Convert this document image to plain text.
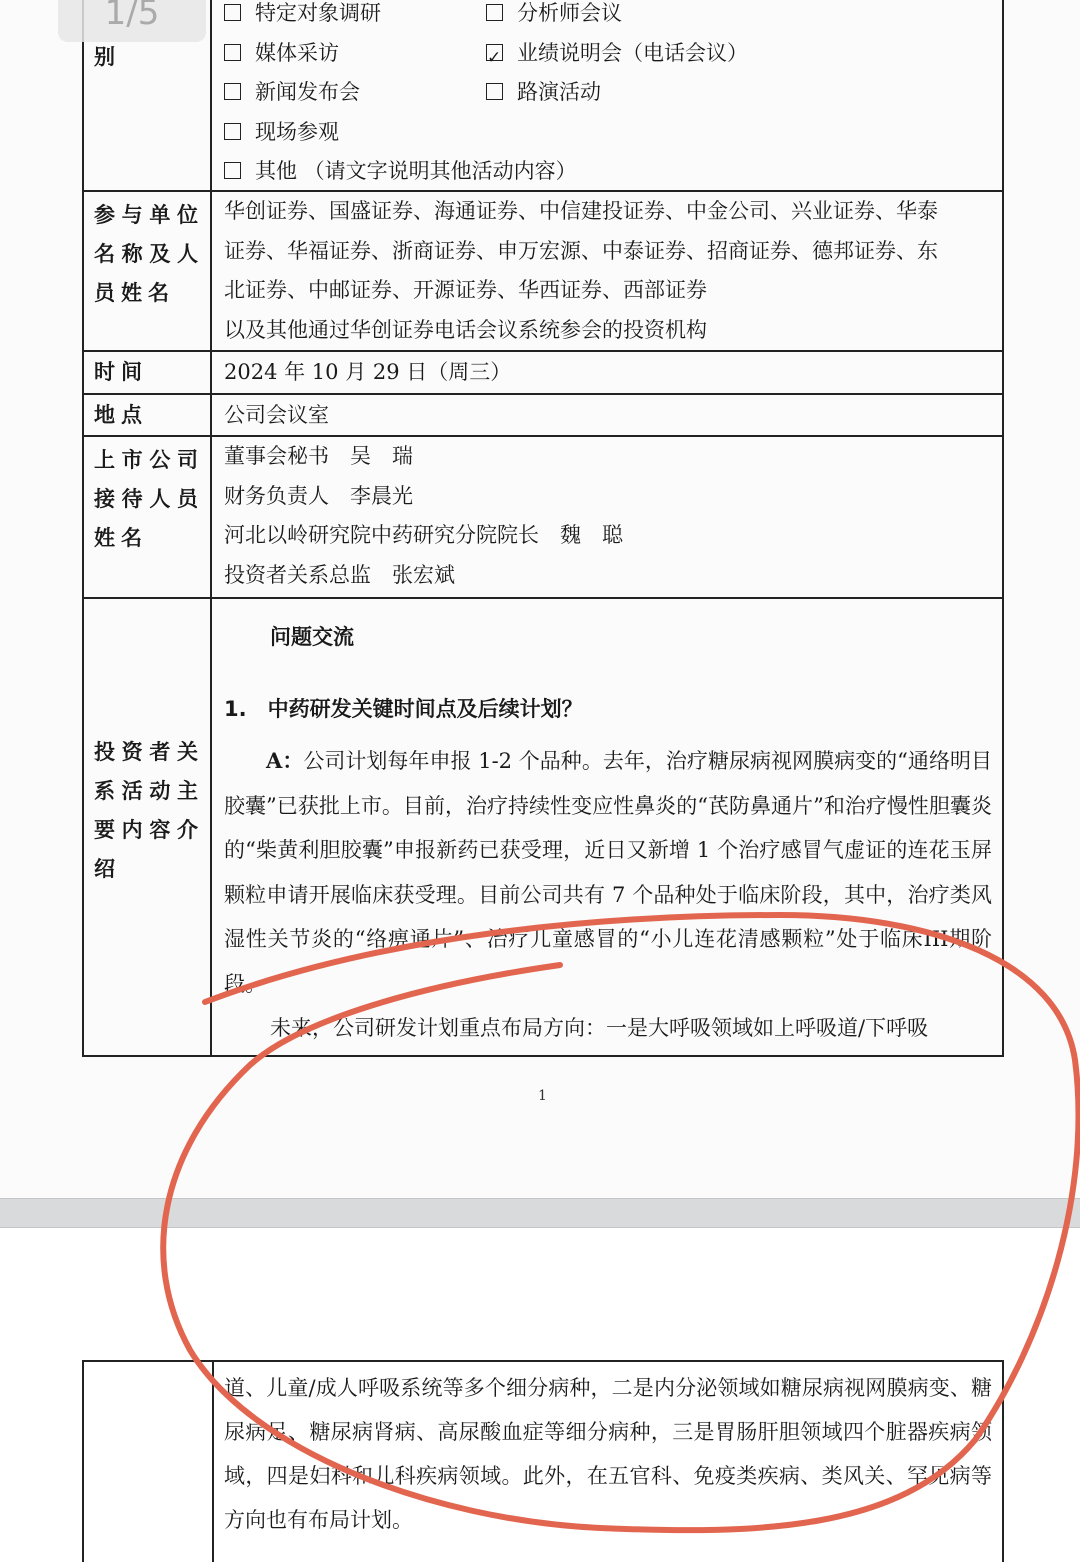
1/5
别
特定对象调研	分析师会议
媒体采访
✓	业绩说明会（电话会议）
新闻发布会	路演活动
现场参观
其他 （请文字说明其他活动内容）
参与单位
名称及人
员姓名
华创证券、国盛证券、海通证券、中信建投证券、中金公司、兴业证券、华泰
证券、华福证券、浙商证券、申万宏源、中泰证券、招商证券、德邦证券、东
北证券、中邮证券、开源证券、华西证券、西部证券
以及其他通过华创证券电话会议系统参会的投资机构
时间	2024 年 10 月 29 日（周三）
地点	公司会议室
上市公司
接待人员
姓名
董事会秘书　吴　瑞
财务负责人　李晨光
河北以岭研究院中药研究分院院长　魏　聪
投资者关系总监　张宏斌
投资者关
系活动主
要内容介
绍
问题交流
1.　中药研发关键时间点及后续计划？
A：公司计划每年申报 1-2 个品种。去年，治疗糖尿病视网膜病变的“通络明目胶囊”已获批上市。目前，治疗持续性变应性鼻炎的“芪防鼻通片”和治疗慢性胆囊炎的“柴黄利胆胶囊”申报新药已获受理，近日又新增 1 个治疗感冒气虚证的连花玉屏颗粒申请开展临床获受理。目前公司共有 7 个品种处于临床阶段，其中，治疗类风湿性关节炎的“络痹通片”、治疗儿童感冒的“小儿连花清感颗粒”处于临床III期阶段。
未来，公司研发计划重点布局方向：一是大呼吸领域如上呼吸道/下呼吸
1
道、儿童/成人呼吸系统等多个细分病种，二是内分泌领域如糖尿病视网膜病变、糖尿病足、糖尿病肾病、高尿酸血症等细分病种，三是胃肠肝胆领域四个脏器疾病领域，四是妇科和儿科疾病领域。此外，在五官科、免疫类疾病、类风关、罕见病等方向也有布局计划。
